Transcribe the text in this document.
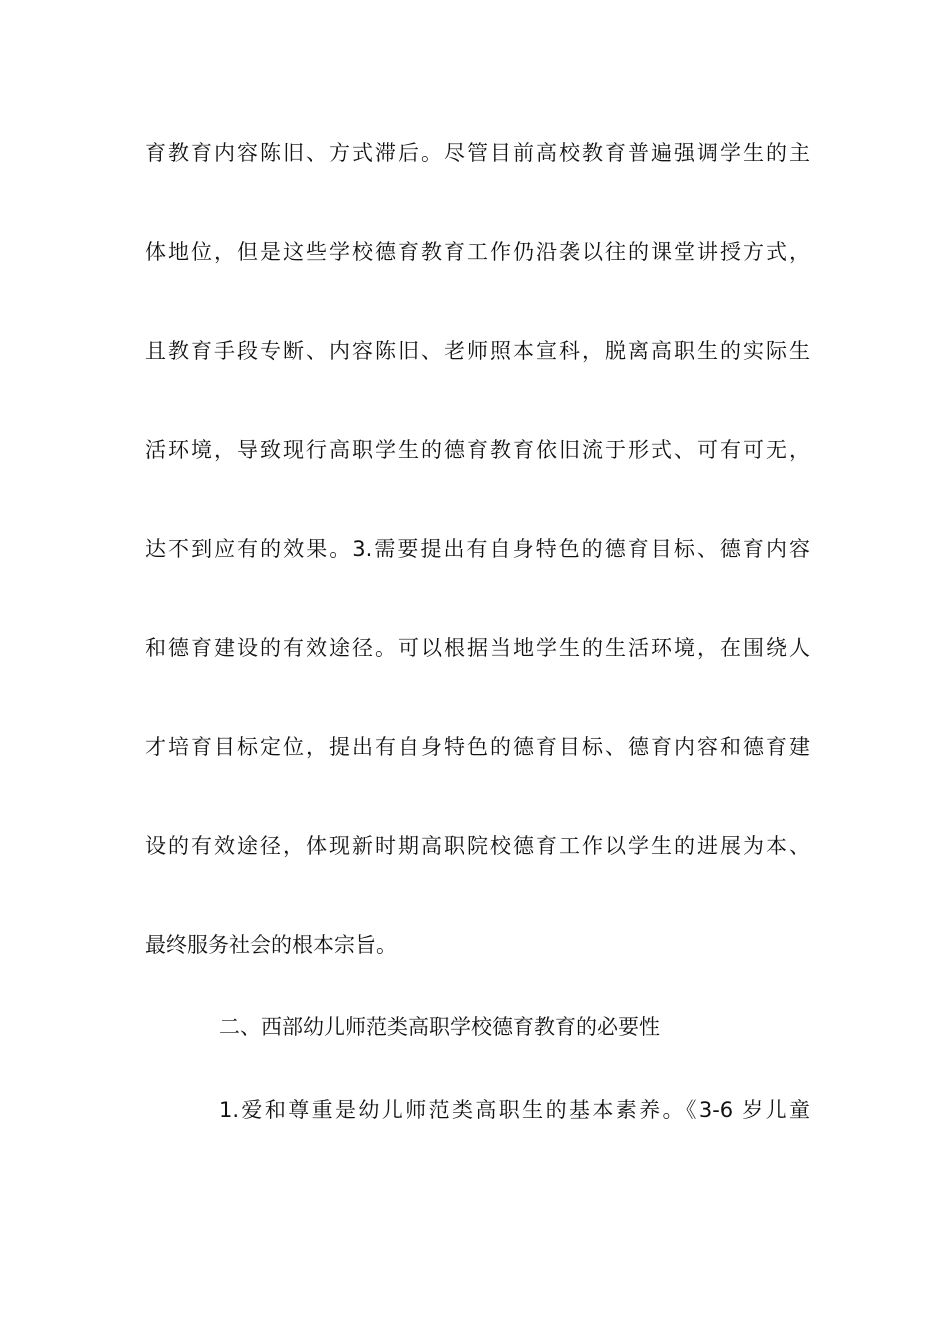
育教育内容陈旧、方式滞后。尽管目前高校教育普遍强调学生的主
体地位，但是这些学校德育教育工作仍沿袭以往的课堂讲授方式，
且教育手段专断、内容陈旧、老师照本宣科，脱离高职生的实际生
活环境，导致现行高职学生的德育教育依旧流于形式、可有可无，
达不到应有的效果。3.需要提出有自身特色的德育目标、德育内容
和德育建设的有效途径。可以根据当地学生的生活环境，在围绕人
才培育目标定位，提出有自身特色的德育目标、德育内容和德育建
设的有效途径，体现新时期高职院校德育工作以学生的进展为本、
最终服务社会的根本宗旨。
二、西部幼儿师范类高职学校德育教育的必要性
1.爱和尊重是幼儿师范类高职生的基本素养。《3-6 岁儿童
